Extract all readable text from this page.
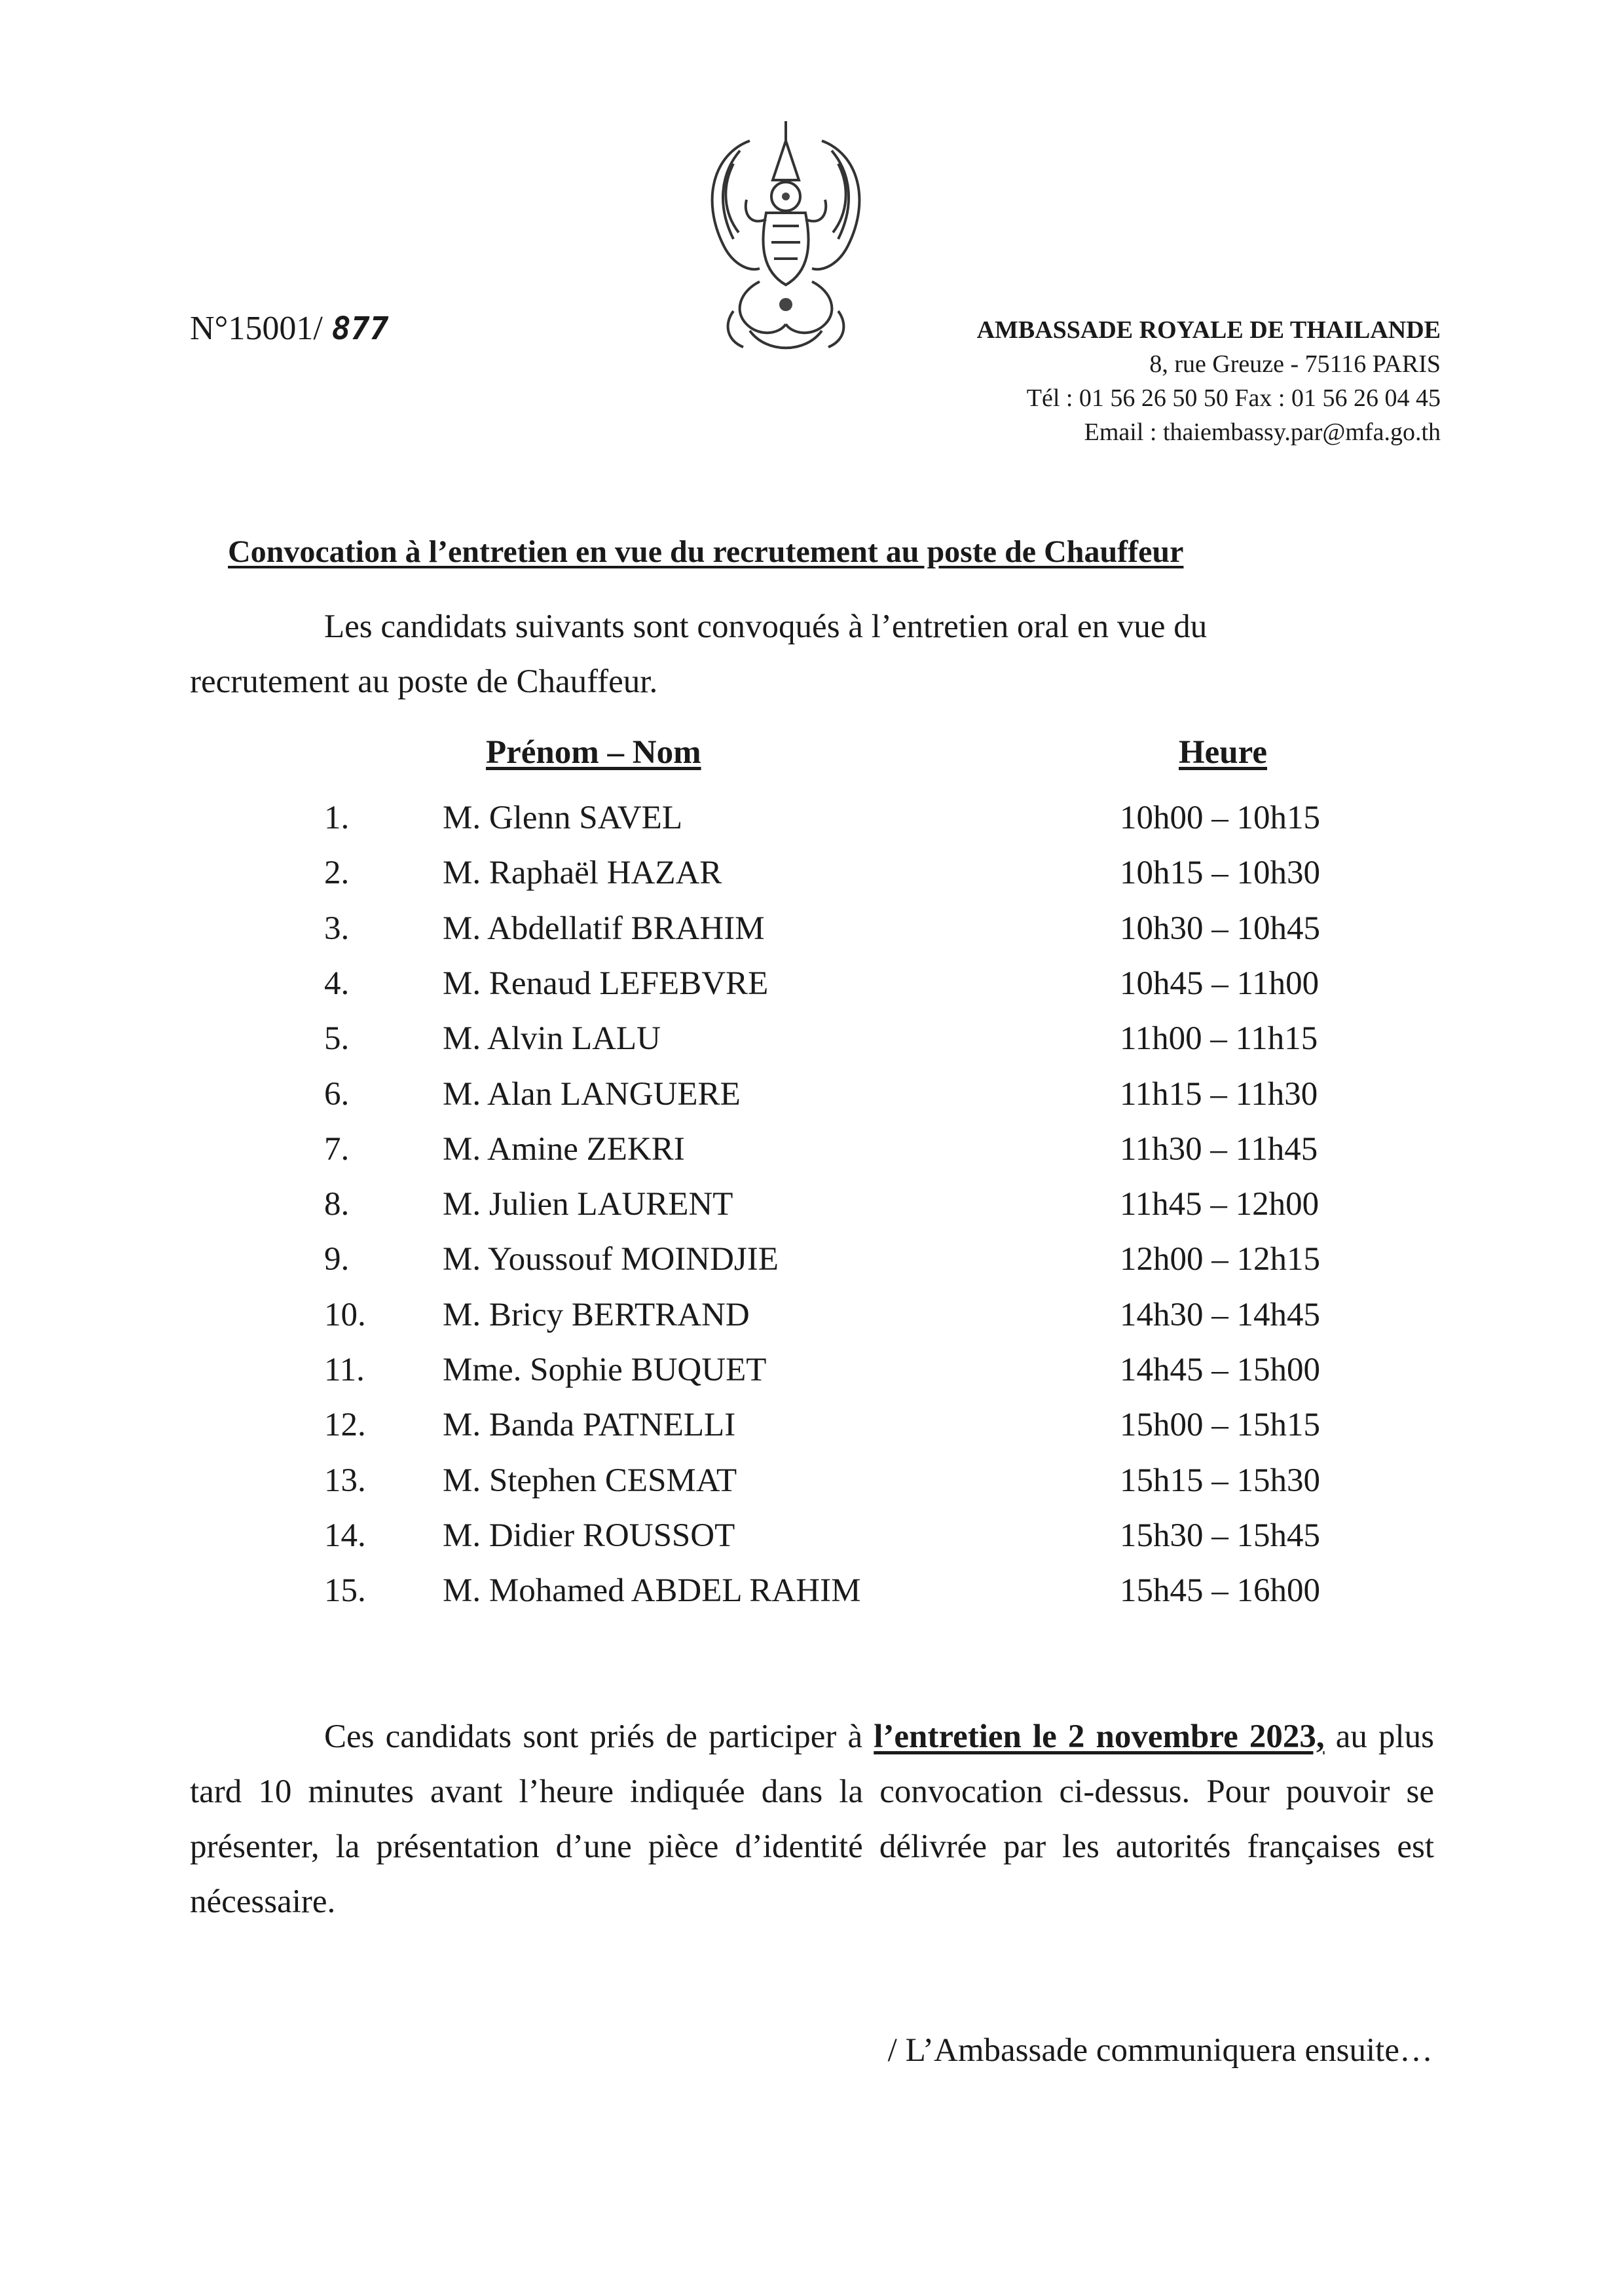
N°15001/ 877	AMBASSADE ROYALE DE THAILANDE
8, rue Greuze - 75116 PARIS
Tél : 01 56 26 50 50 Fax : 01 56 26 04 45
Email : thaiembassy.par@mfa.go.th
Convocation à l’entretien en vue du recrutement au poste de Chauffeur
Les candidats suivants sont convoqués à l’entretien oral en vue du
recrutement au poste de Chauffeur.
Prénom – Nom	Heure
1.	M. Glenn SAVEL	10h00 – 10h15
2.	M. Raphaël HAZAR	10h15 – 10h30
3.	M. Abdellatif BRAHIM	10h30 – 10h45
4.	M. Renaud LEFEBVRE	10h45 – 11h00
5.	M. Alvin LALU	11h00 – 11h15
6.	M. Alan LANGUERE	11h15 – 11h30
7.	M. Amine ZEKRI	11h30 – 11h45
8.	M. Julien LAURENT	11h45 – 12h00
9.	M. Youssouf MOINDJIE	12h00 – 12h15
10. M. Bricy BERTRAND	14h30 – 14h45
11. Mme. Sophie BUQUET	14h45 – 15h00
12. M. Banda PATNELLI	15h00 – 15h15
13. M. Stephen CESMAT	15h15 – 15h30
14. M. Didier ROUSSOT	15h30 – 15h45
15. M. Mohamed ABDEL RAHIM	15h45 – 16h00
Ces candidats sont priés de participer à l’entretien le 2 novembre 2023, au plus tard 10 minutes avant l’heure indiquée dans la convocation ci-dessus. Pour pouvoir se présenter, la présentation d’une pièce d’identité délivrée par les autorités françaises est nécessaire.
/ L’Ambassade communiquera ensuite…
